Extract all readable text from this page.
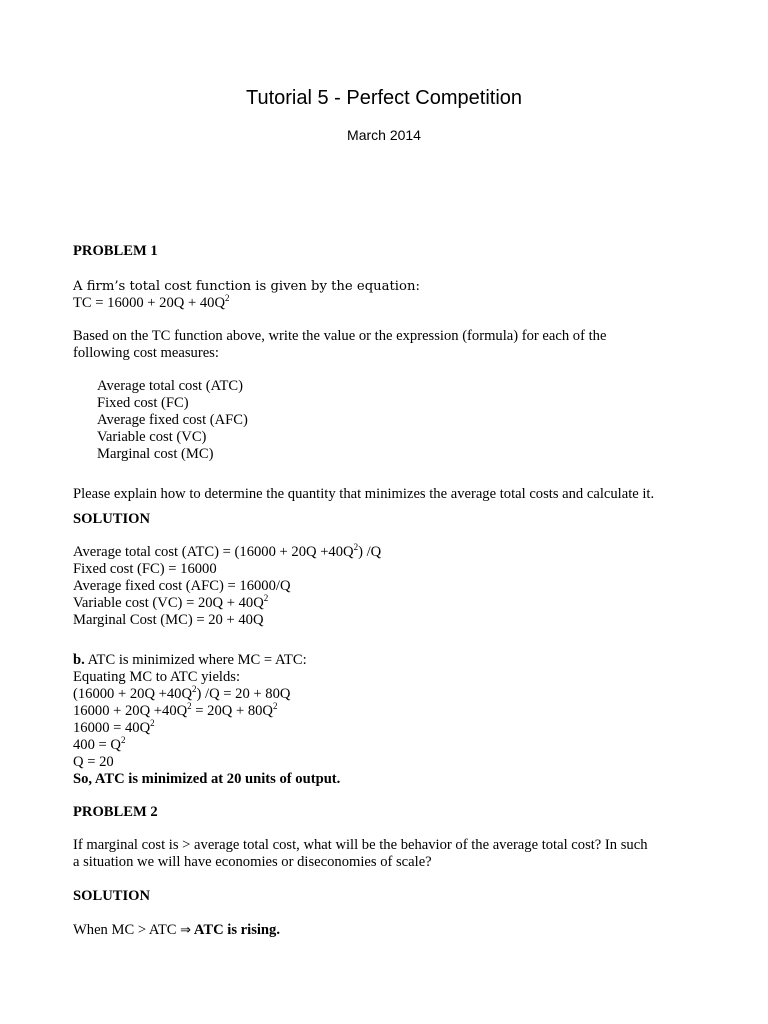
Tutorial 5 - Perfect Competition
March 2014
PROBLEM 1
A firm’s total cost function is given by the equation:
TC = $16000 + 20Q + 40Q^2$
Based on the TC function above, write the value or the expression (formula) for each of the
following cost measures:
Average total cost (ATC)
Fixed cost (FC)
Average fixed cost (AFC)
Variable cost (VC)
Marginal cost (MC)
Please explain how to determine the quantity that minimizes the average total costs and calculate it.
SOLUTION
Average total cost $(ATC) = (16000 + 20Q +40Q^2)$ /Q
Fixed cost (FC) = 16000
Average fixed cost (AFC) = 16000/Q
Variable cost $(VC) = 20Q + 40Q^2$
Marginal Cost (MC) = 20 + 40Q
b. ATC is minimized where MC = ATC:
Equating MC to ATC yields:
$(16000 + 20Q +40Q^2)$ /Q = 20 + 80Q
$16000 + 20Q +40Q^2 = 20Q + 80Q^2$
$16000 = 40Q^2$
$400 = Q^2$
Q = 20
So, ATC is minimized at 20 units of output.
PROBLEM 2
If marginal cost is > average total cost, what will be the behavior of the average total cost? In such
a situation we will have economies or diseconomies of scale?
SOLUTION
When MC > ATC ⇒ ATC is rising.
